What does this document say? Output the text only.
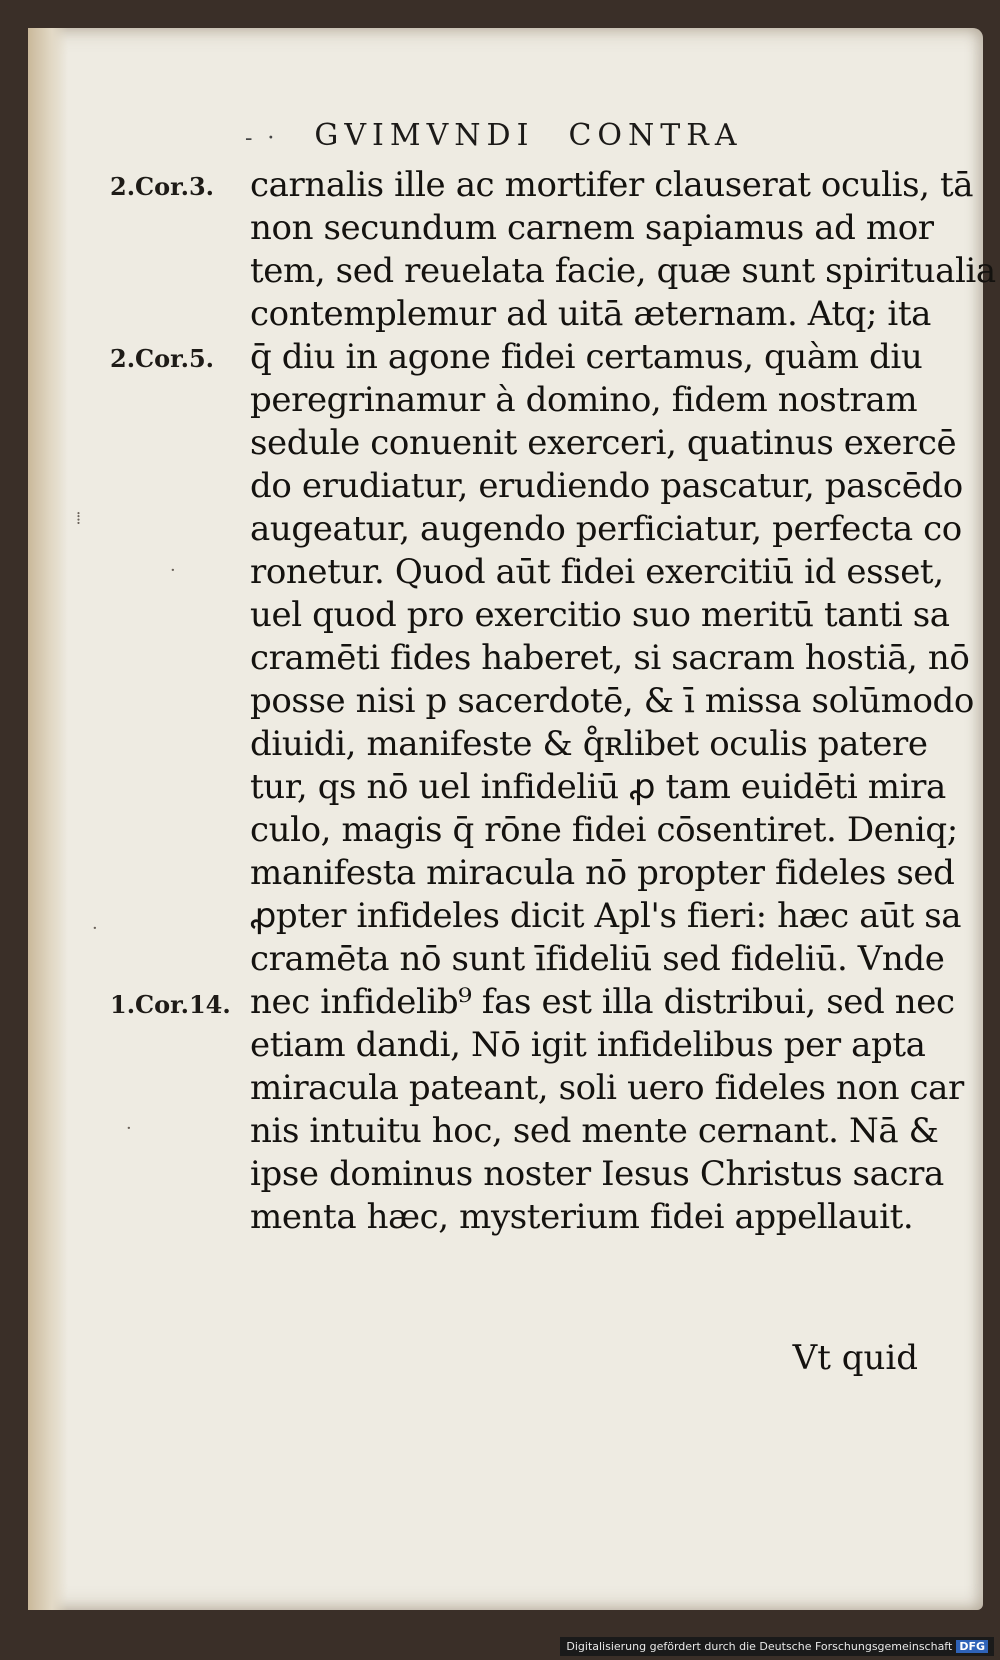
- · GVIMVNDI CONTRA
2.Cor.3.
2.Cor.5.
1.Cor.14.
⁞
·
·
·
carnalis ille ac mortifer clauserat oculis, tā
non secundum carnem sapiamus ad mor
tem, sed reuelata facie, quæ sunt spiritualia
contemplemur ad uitā æternam. Atq; ita
q̄ diu in agone fidei certamus, quàm diu
peregrinamur à domino, fidem nostram
sedule conuenit exerceri, quatinus exercē
do erudiatur, erudiendo pascatur, pascēdo
augeatur, augendo perficiatur, perfecta co
ronetur. Quod aūt fidei exercitiū id esset,
uel quod pro exercitio suo meritū tanti sa
cramēti fides haberet, si sacram hostiā, nō
posse nisi p sacerdotē, & ī missa solūmodo
diuidi, manifeste & q̊ʀlibet oculis patere
tur, qs nō uel infideliū ꝓ tam euidēti mira
culo, magis q̄ rōne fidei cōsentiret. Deniq;
manifesta miracula nō propter fideles sed
ꝓpter infideles dicit Apl's fieri: hæc aūt sa
cramēta nō sunt īfideliū sed fideliū. Vnde
nec infidelib⁹ fas est illa distribui, sed nec
etiam dandi, Nō igit infidelibus per apta
miracula pateant, soli uero fideles non car
nis intuitu hoc, sed mente cernant. Nā &
ipse dominus noster Iesus Christus sacra
menta hæc, mysterium fidei appellauit.
Vt quid
Digitalisierung gefördert durch die Deutsche Forschungsgemeinschaft DFG
